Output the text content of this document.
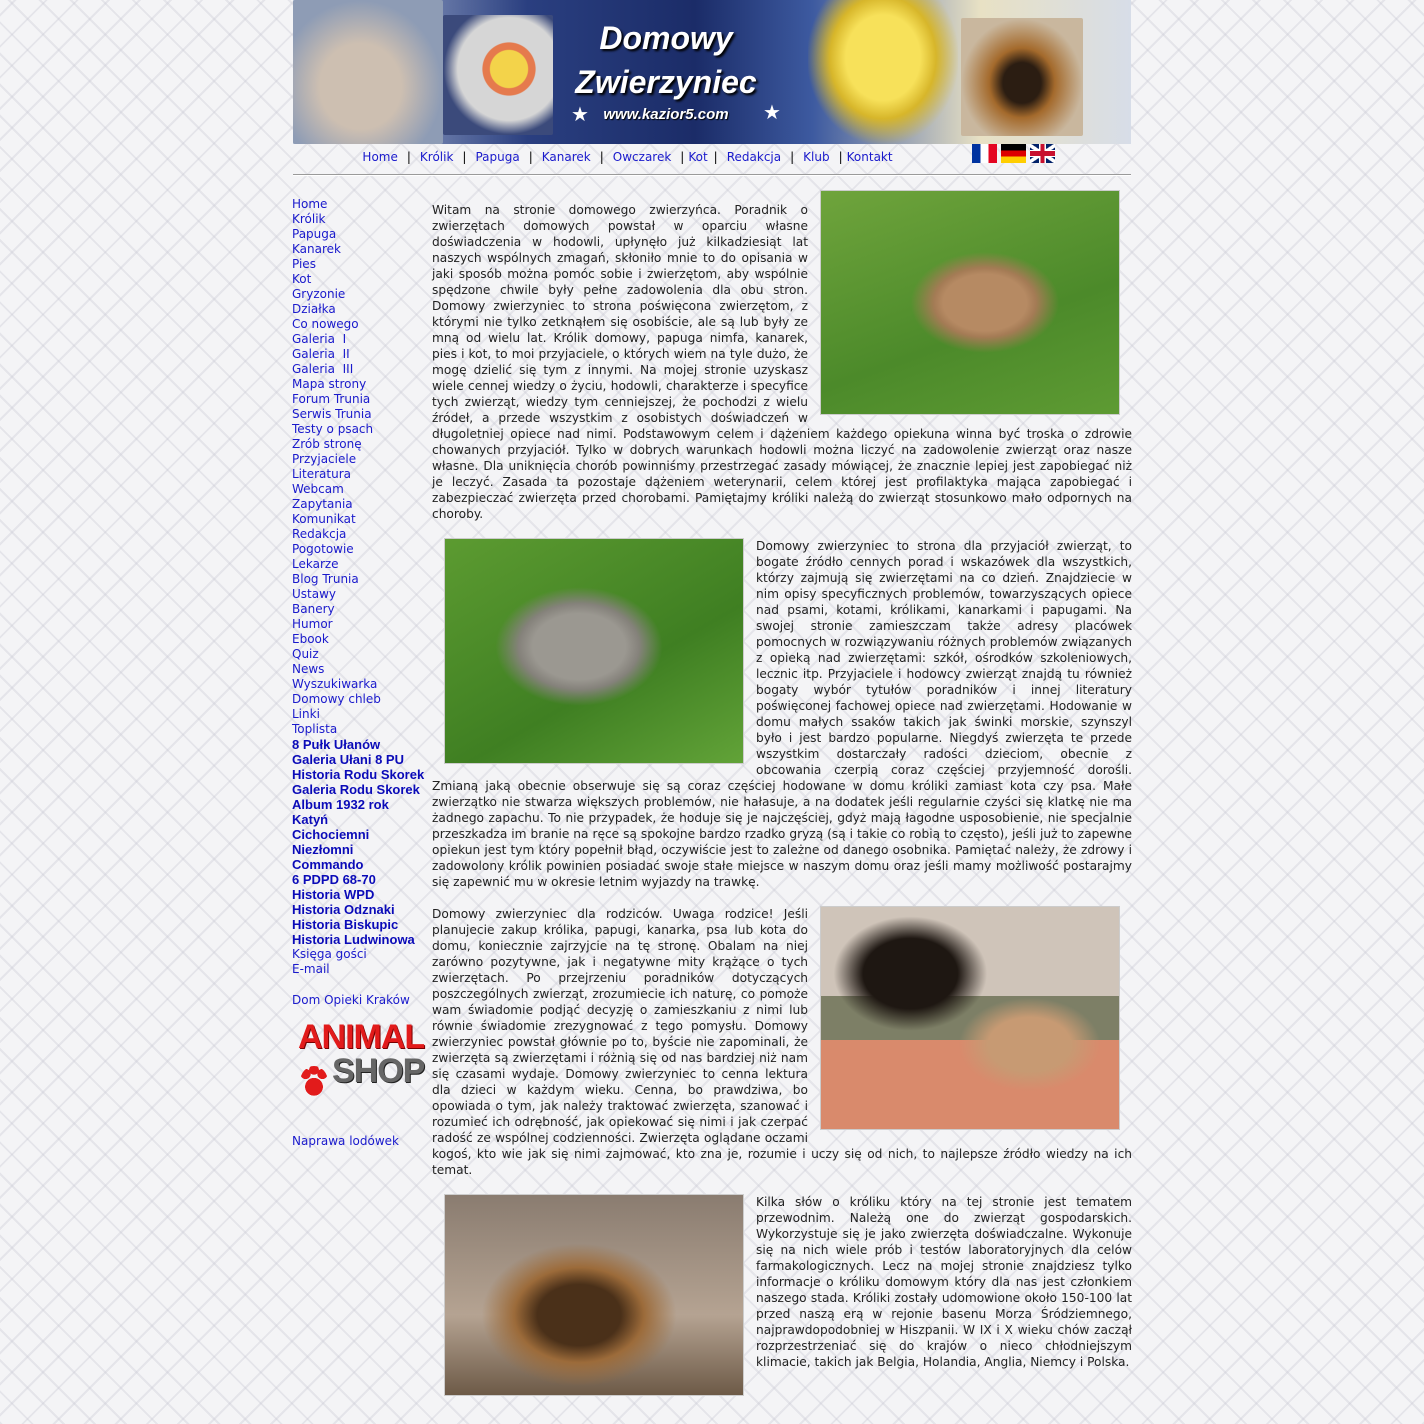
Domowy
Zwierzyniec
★	★
www.kazior5.com
Home | Królik | Papuga | Kanarek | Owczarek | Kot | Redakcja | Klub | Kontakt
Home
Królik
Papuga
Kanarek
Pies
Kot
Gryzonie
Działka
Co nowego
Galeria  I
Galeria  II
Galeria  III
Mapa strony
Forum Trunia
Serwis Trunia
Testy o psach
Zrób stronę
Przyjaciele
Literatura
Webcam
Zapytania
Komunikat
Redakcja
Pogotowie
Lekarze
Blog Trunia
Ustawy
Banery
Humor
Ebook
Quiz
News
Wyszukiwarka
Domowy chleb
Linki
Toplista
8 Pułk Ułanów
Galeria Ułani 8 PU
Historia Rodu Skorek
Galeria Rodu Skorek
Album 1932 rok
Katyń
Cichociemni
Niezłomni
Commando
6 PDPD 68-70
Historia WPD
Historia Odznaki
Historia Biskupic
Historia Ludwinowa
Księga gości
E-mail
Dom Opieki Kraków
ANIMAL
SHOP
Naprawa lodówek

Witam na stronie domowego zwierzyńca. Poradnik o zwierzętach domowych powstał w oparciu własne doświadczenia w hodowli, upłynęło już kilkadziesiąt lat naszych wspólnych zmagań, skłoniło mnie to do opisania w jaki sposób można pomóc sobie i zwierzętom, aby wspólnie spędzone chwile były pełne zadowolenia dla obu stron. Domowy zwierzyniec to strona poświęcona zwierzętom, z którymi nie tylko zetknąłem się osobiście, ale są lub były ze mną od wielu lat. Królik domowy, papuga nimfa, kanarek, pies i kot, to moi przyjaciele, o których wiem na tyle dużo, że mogę dzielić się tym z innymi. Na mojej stronie uzyskasz wiele cennej wiedzy o życiu, hodowli, charakterze i specyfice tych zwierząt, wiedzy tym cenniejszej, że pochodzi z wielu źródeł, a przede wszystkim z osobistych doświadczeń w długoletniej opiece nad nimi. Podstawowym celem i dążeniem każdego opiekuna winna być troska o zdrowie chowanych przyjaciół. Tylko w dobrych warunkach hodowli można liczyć na zadowolenie zwierząt oraz nasze własne. Dla uniknięcia chorób powinniśmy przestrzegać zasady mówiącej, że znacznie lepiej jest zapobiegać niż je leczyć. Zasada ta pozostaje dążeniem weterynarii, celem której jest profilaktyka mająca zapobiegać i zabezpieczać zwierzęta przed chorobami. Pamiętajmy króliki należą do zwierząt stosunkowo mało odpornych na choroby.

Domowy zwierzyniec to strona dla przyjaciół zwierząt, to bogate źródło cennych porad i wskazówek dla wszystkich, którzy zajmują się zwierzętami na co dzień. Znajdziecie w nim opisy specyficznych problemów, towarzyszących opiece nad psami, kotami, królikami, kanarkami i papugami. Na swojej stronie zamieszczam także adresy placówek pomocnych w rozwiązywaniu różnych problemów związanych z opieką nad zwierzętami: szkół, ośrodków szkoleniowych, lecznic itp. Przyjaciele i hodowcy zwierząt znajdą tu również bogaty wybór tytułów poradników i innej literatury poświęconej fachowej opiece nad zwierzętami. Hodowanie w domu małych ssaków takich jak świnki morskie, szynszyl było i jest bardzo popularne. Niegdyś zwierzęta te przede wszystkim dostarczały radości dzieciom, obecnie z obcowania czerpią coraz częściej przyjemność dorośli. Zmianą jaką obecnie obserwuje się są coraz częściej hodowane w domu króliki zamiast kota czy psa. Małe zwierzątko nie stwarza większych problemów, nie hałasuje, a na dodatek jeśli regularnie czyści się klatkę nie ma żadnego zapachu. To nie przypadek, że hoduje się je najczęściej, gdyż mają łagodne usposobienie, nie specjalnie przeszkadza im branie na ręce są spokojne bardzo rzadko gryzą (są i takie co robią to często), jeśli już to zapewne opiekun jest tym który popełnił błąd, oczywiście jest to zależne od danego osobnika. Pamiętać należy, że zdrowy i zadowolony królik powinien posiadać swoje stałe miejsce w naszym domu oraz jeśli mamy możliwość postarajmy się zapewnić mu w okresie letnim wyjazdy na trawkę.

Domowy zwierzyniec dla rodziców. Uwaga rodzice! Jeśli planujecie zakup królika, papugi, kanarka, psa lub kota do domu, koniecznie zajrzyjcie na tę stronę. Obalam na niej zarówno pozytywne, jak i negatywne mity krążące o tych zwierzętach. Po przejrzeniu poradników dotyczących poszczególnych zwierząt, zrozumiecie ich naturę, co pomoże wam świadomie podjąć decyzję o zamieszkaniu z nimi lub równie świadomie zrezygnować z tego pomysłu. Domowy zwierzyniec powstał głównie po to, byście nie zapominali, że zwierzęta są zwierzętami i różnią się od nas bardziej niż nam się czasami wydaje. Domowy zwierzyniec to cenna lektura dla dzieci w każdym wieku. Cenna, bo prawdziwa, bo opowiada o tym, jak należy traktować zwierzęta, szanować i rozumieć ich odrębność, jak opiekować się nimi i jak czerpać radość ze wspólnej codzienności. Zwierzęta oglądane oczami kogoś, kto wie jak się nimi zajmować, kto zna je, rozumie i uczy się od nich, to najlepsze źródło wiedzy na ich temat.

Kilka słów o króliku który na tej stronie jest tematem przewodnim. Należą one do zwierząt gospodarskich. Wykorzystuje się je jako zwierzęta doświadczalne. Wykonuje się na nich wiele prób i testów laboratoryjnych dla celów farmakologicznych. Lecz na mojej stronie znajdziesz tylko informacje o króliku domowym który dla nas jest członkiem naszego stada. Króliki zostały udomowione około 150-100 lat przed naszą erą w rejonie basenu Morza Śródziemnego, najprawdopodobniej w Hiszpanii. W IX i X wieku chów zaczął rozprzestrzeniać się do krajów o nieco chłodniejszym klimacie, takich jak Belgia, Holandia, Anglia, Niemcy i Polska.
